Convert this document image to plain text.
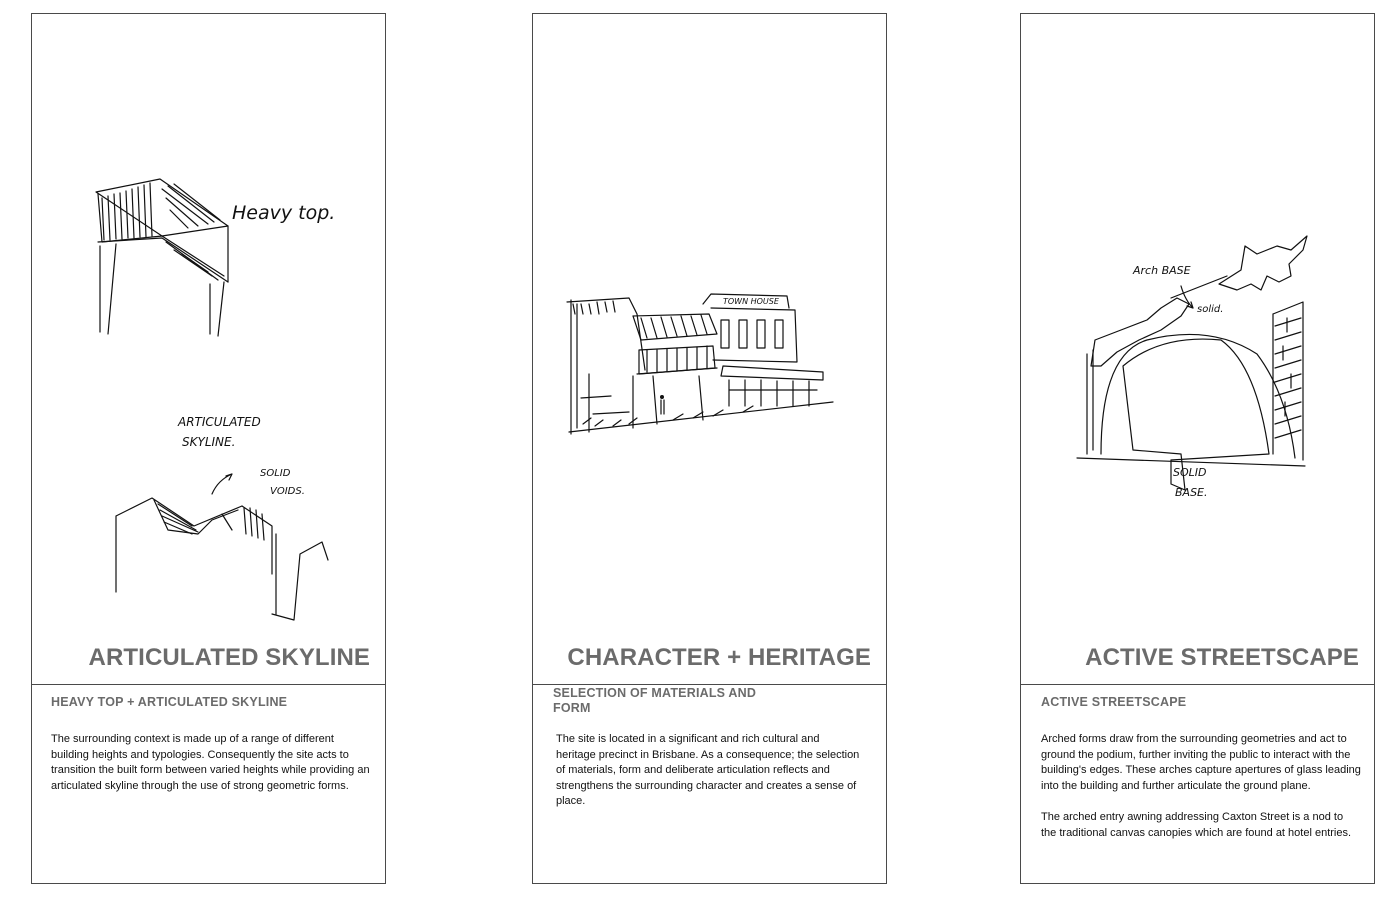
Heavy top.
ARTICULATED
SKYLINE.
SOLID
VOIDS.
ARTICULATED SKYLINE
HEAVY TOP + ARTICULATED SKYLINE

The surrounding context is made up of a range of different building heights and typologies. Consequently the site acts to transition the built form between varied heights while providing an articulated skyline through the use of strong geometric forms.

TOWN HOUSE
CHARACTER + HERITAGE
SELECTION OF MATERIALS AND FORM

The site is located in a significant and rich cultural and heritage precinct in Brisbane. As a consequence; the selection of materials, form and deliberate articulation reflects and strengthens the surrounding character and creates a sense of place.

Arch BASE
solid.
SOLID
BASE.
ACTIVE STREETSCAPE
ACTIVE STREETSCAPE

Arched forms draw from the surrounding geometries and act to ground the podium, further inviting the public to interact with the building's edges. These arches capture apertures of glass leading into the building and further articulate the ground plane.

The arched entry awning addressing Caxton Street is a nod to the traditional canvas canopies which are found at hotel entries.
